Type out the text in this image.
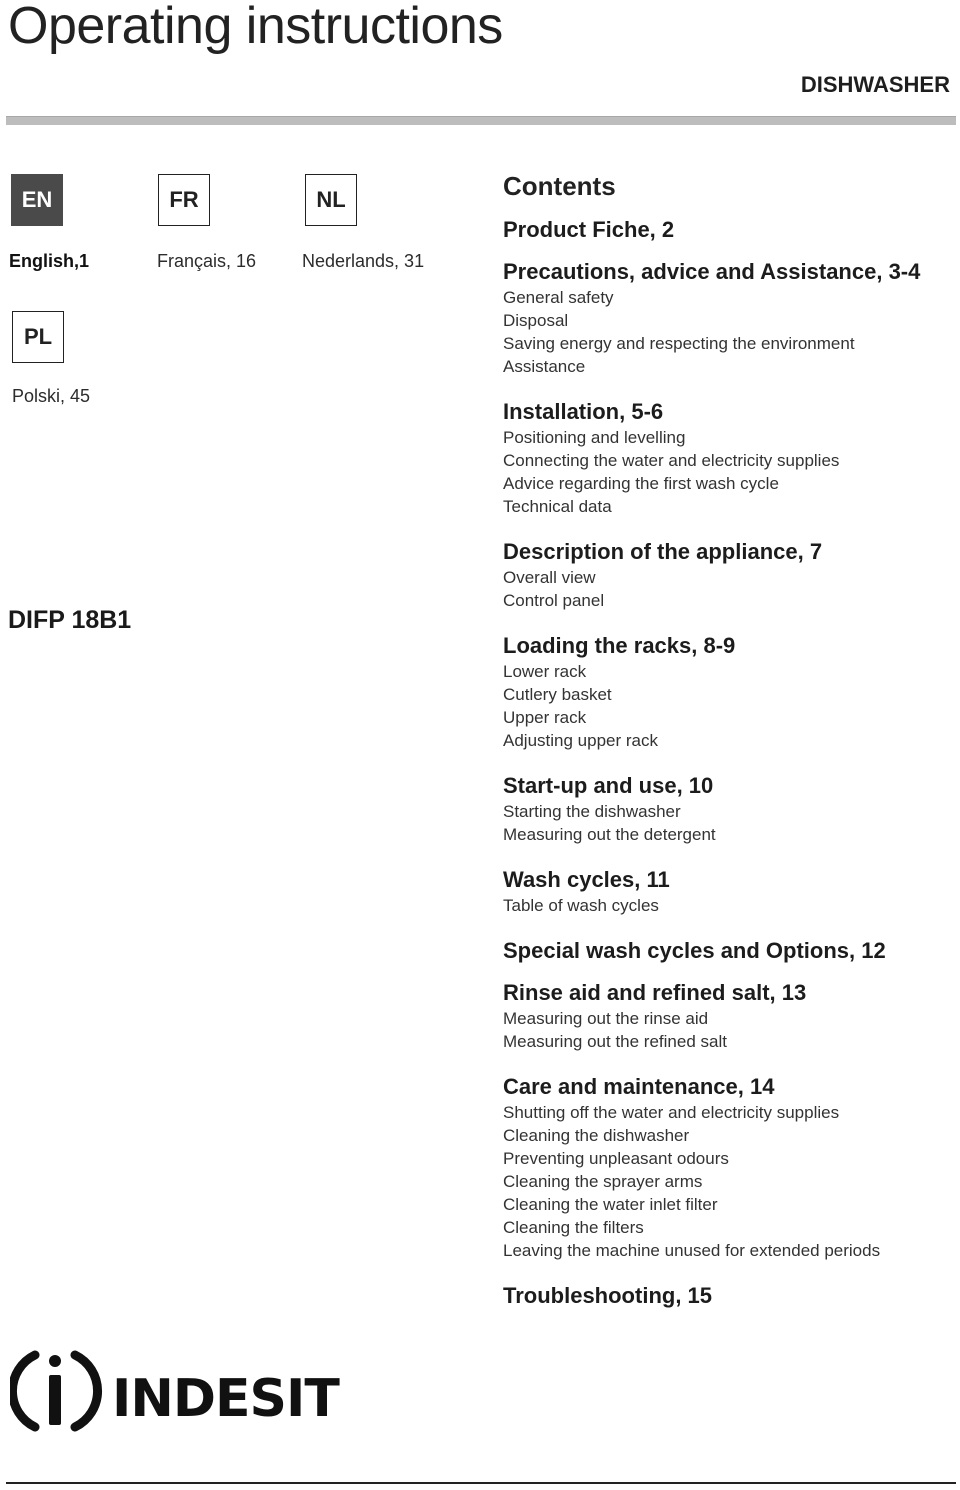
Operating instructions
DISHWASHER
EN
English,1
FR
Français, 16
NL
Nederlands, 31
PL
Polski, 45
DIFP 18B1
Contents
Product Fiche, 2
Precautions, advice and Assistance, 3-4
General safety
Disposal
Saving energy and respecting the environment
Assistance
Installation, 5-6
Positioning and levelling
Connecting the water and electricity supplies
Advice regarding the first wash cycle
Technical data
Description of the appliance, 7
Overall view
Control panel
Loading the racks, 8-9
Lower rack
Cutlery basket
Upper rack
Adjusting upper rack
Start-up and use, 10
Starting the dishwasher
Measuring out the detergent
Wash cycles, 11
Table of wash cycles
Special wash cycles and Options, 12
Rinse aid and refined salt, 13
Measuring out the rinse aid
Measuring out the refined salt
Care and maintenance, 14
Shutting off the water and electricity supplies
Cleaning the dishwasher
Preventing unpleasant odours
Cleaning the sprayer arms
Cleaning the water inlet filter
Cleaning the filters
Leaving the machine unused for extended periods
Troubleshooting, 15
INDESIT
